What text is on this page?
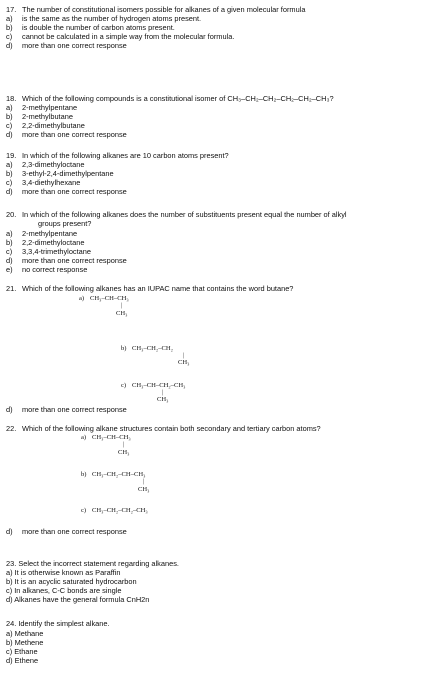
17. The number of constitutional isomers possible for alkanes of a given molecular formula
a) is the same as the number of hydrogen atoms present.
b) is double the number of carbon atoms present.
c) cannot be calculated in a simple way from the molecular formula.
d) more than one correct response
18. Which of the following compounds is a constitutional isomer of CH₃–CH₂–CH₂–CH₂–CH₂–CH₃?
a) 2-methylpentane
b) 2-methylbutane
c) 2,2-dimethylbutane
d) more than one correct response
19. In which of the following alkanes are 10 carbon atoms present?
a) 2,3-dimethyloctane
b) 3-ethyl-2,4-dimethylpentane
c) 3,4-diethylhexane
d) more than one correct response
20. In which of the following alkanes does the number of substituents present equal the number of alkyl
groups present?
a) 2-methylpentane
b) 2,2-dimethyloctane
c) 3,3,4-trimethyloctane
d) more than one correct response
e) no correct response
21. Which of the following alkanes has an IUPAC name that contains the word butane?
a) CH₃–CH–CH₃
|
CH₃
b) CH₃–CH₂–CH₂
|
CH₃
c) CH₃–CH–CH₂–CH₃
|
CH₃
d) more than one correct response
22. Which of the following alkane structures contain both secondary and tertiary carbon atoms?
a) CH₃–CH–CH₃
|
CH₃
b) CH₃–CH₂–CH–CH₃
|
CH₃
c) CH₃–CH₂–CH₂–CH₃
d) more than one correct response
23. Select the incorrect statement regarding alkanes.
a) It is otherwise known as Paraffin
b) It is an acyclic saturated hydrocarbon
c) In alkanes, C-C bonds are single
d) Alkanes have the general formula CnH2n
24. Identify the simplest alkane.
a) Methane
b) Methene
c) Ethane
d) Ethene
